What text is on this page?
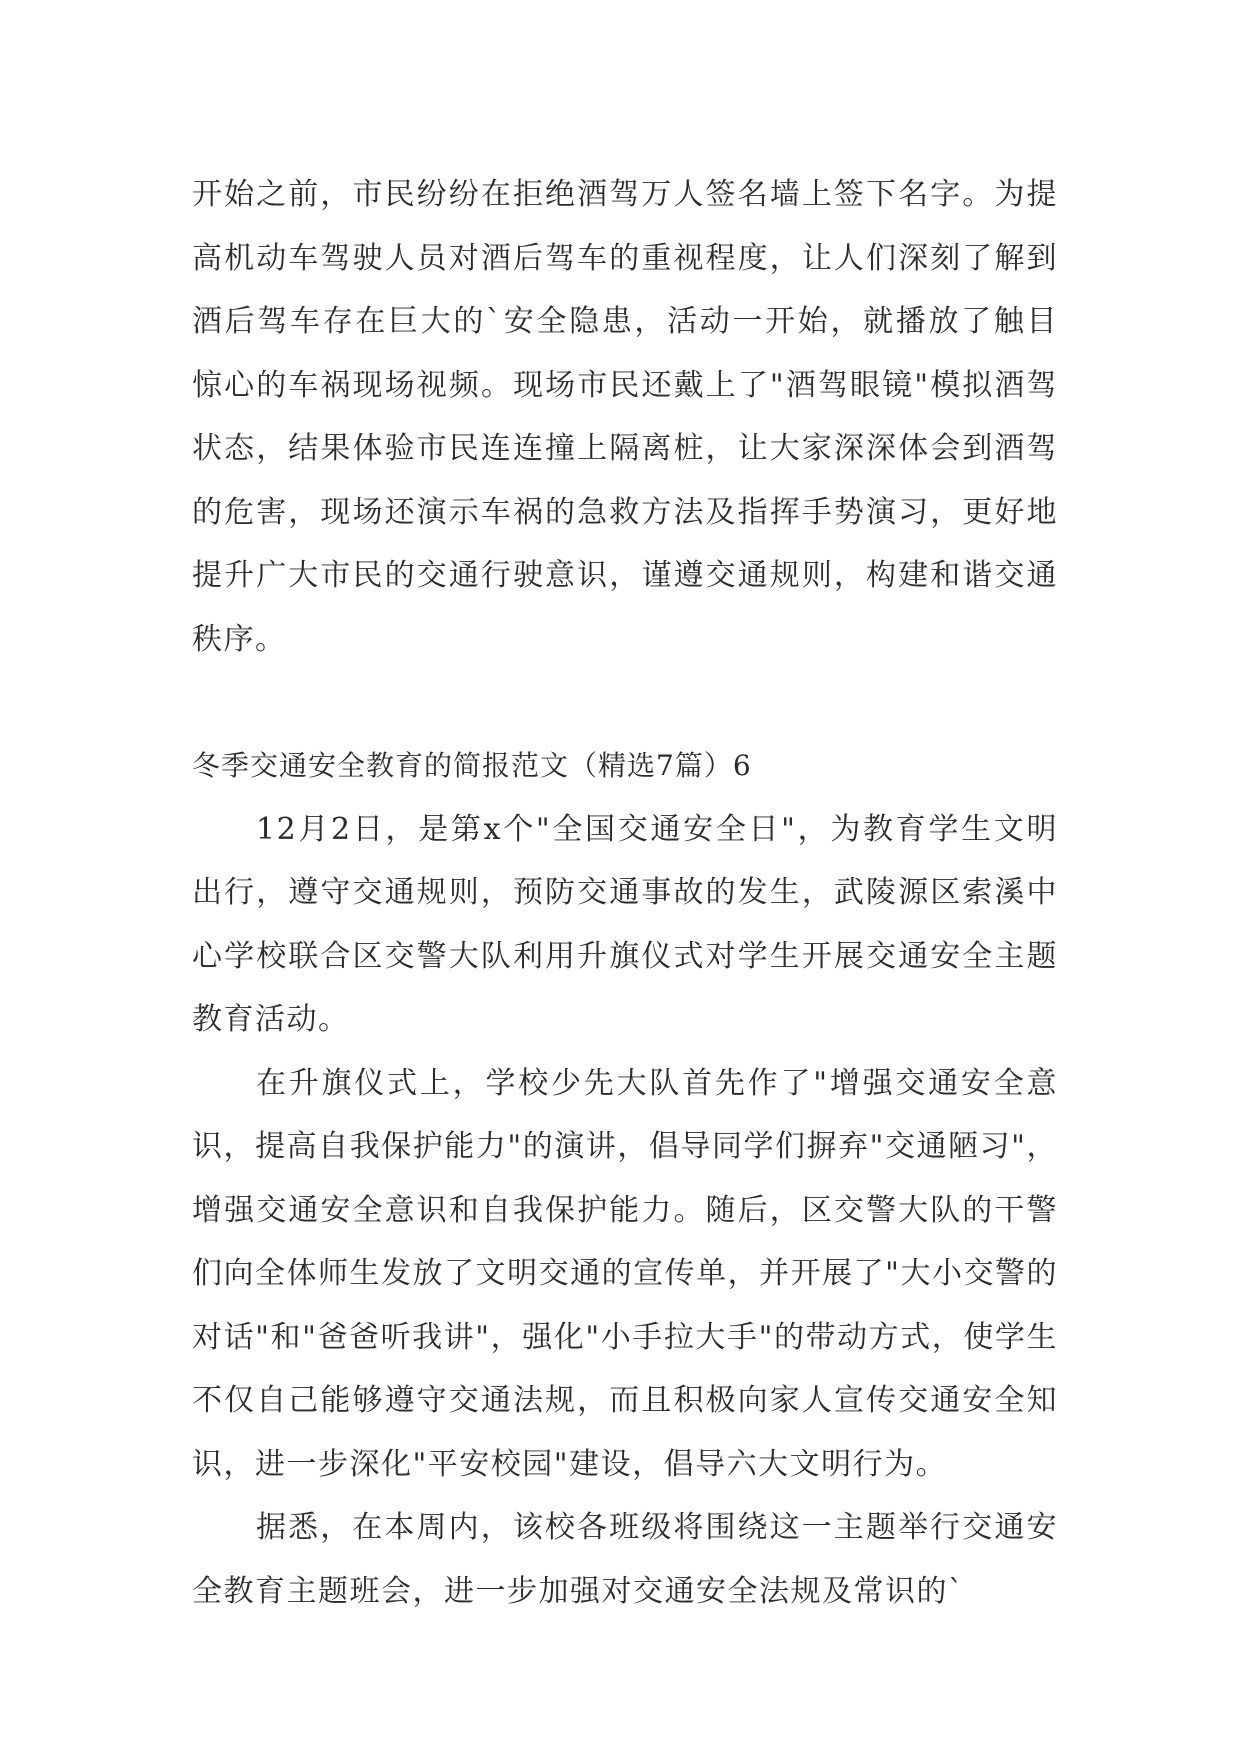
开始之前，市民纷纷在拒绝酒驾万人签名墙上签下名字。为提高机动车驾驶人员对酒后驾车的重视程度，让人们深刻了解到酒后驾车存在巨大的`安全隐患，活动一开始，就播放了触目惊心的车祸现场视频。现场市民还戴上了"酒驾眼镜"模拟酒驾状态，结果体验市民连连撞上隔离桩，让大家深深体会到酒驾的危害，现场还演示车祸的急救方法及指挥手势演习，更好地提升广大市民的交通行驶意识，谨遵交通规则，构建和谐交通秩序。

冬季交通安全教育的简报范文（精选7篇）6

12月2日，是第x个"全国交通安全日"，为教育学生文明出行，遵守交通规则，预防交通事故的发生，武陵源区索溪中心学校联合区交警大队利用升旗仪式对学生开展交通安全主题教育活动。

在升旗仪式上，学校少先大队首先作了"增强交通安全意识，提高自我保护能力"的演讲，倡导同学们摒弃"交通陋习"，增强交通安全意识和自我保护能力。随后，区交警大队的干警们向全体师生发放了文明交通的宣传单，并开展了"大小交警的对话"和"爸爸听我讲"，强化"小手拉大手"的带动方式，使学生不仅自己能够遵守交通法规，而且积极向家人宣传交通安全知识，进一步深化"平安校园"建设，倡导六大文明行为。

据悉，在本周内，该校各班级将围绕这一主题举行交通安全教育主题班会，进一步加强对交通安全法规及常识的`
